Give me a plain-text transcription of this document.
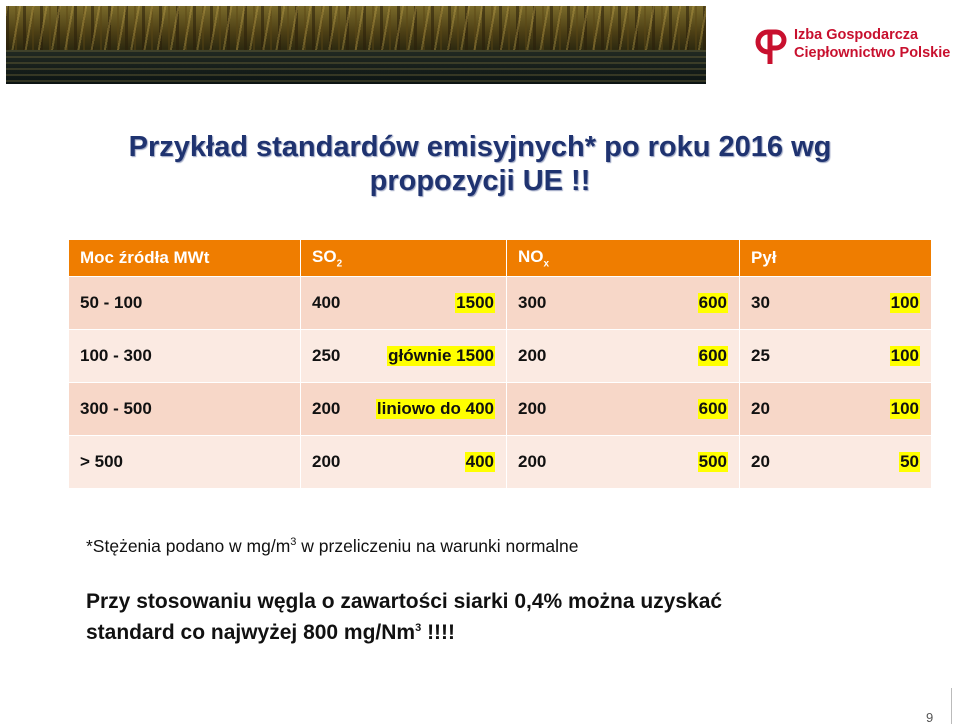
Izba Gospodarcza
Ciepłownictwo Polskie
Przykład standardów emisyjnych* po roku 2016 wg
propozycji UE !!
Moc źródła MWt	$SO_2$	$NO_x$	Pył
50 - 100	400 1500	300 600	30 100

100 - 300	250 głównie 1500	200 600	25 100

300 - 500	200 liniowo do 400	200 600	20 100

> 500	200 400	200 500	20 50
*Stężenia podano w $mg/m^3$ w przeliczeniu na warunki normalne
Przy stosowaniu węgla o zawartości siarki 0,4% można uzyskać
standard co najwyżej 800 mg/Nm$^3$ !!!!
9
